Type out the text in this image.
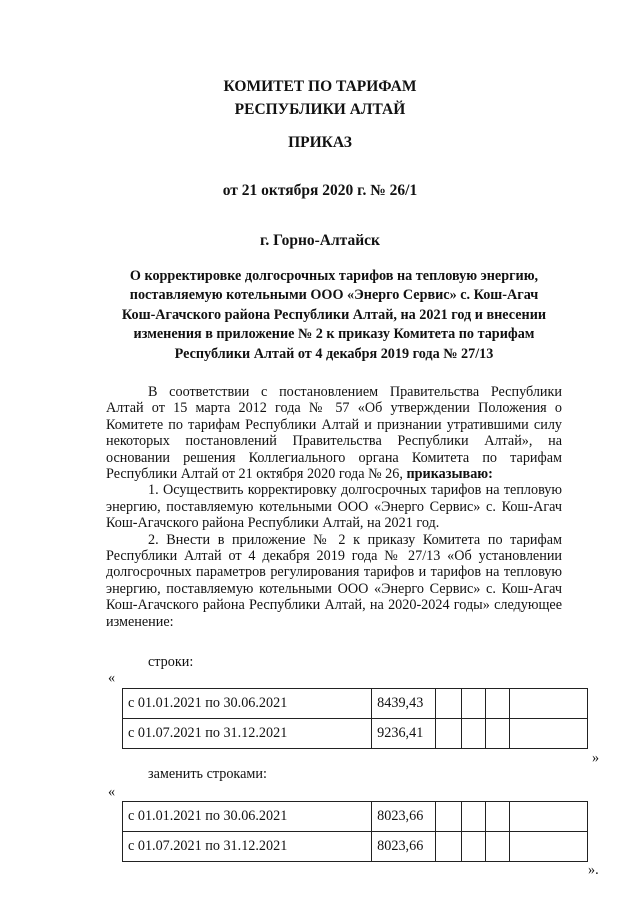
КОМИТЕТ ПО ТАРИФАМ

РЕСПУБЛИКИ АЛТАЙ

ПРИКАЗ

от 21 октября 2020 г. № 26/1

г. Горно-Алтайск

О корректировке долгосрочных тарифов на тепловую энергию,
поставляемую котельными ООО «Энерго Сервис» с. Кош-Агач
Кош-Агачского района Республики Алтай, на 2021 год и внесении
изменения в приложение № 2 к приказу Комитета по тарифам
Республики Алтай от 4 декабря 2019 года № 27/13

В соответствии с постановлением Правительства Республики Алтай от 15 марта 2012 года № 57 «Об утверждении Положения о Комитете по тарифам Республики Алтай и признании утратившими силу некоторых постановлений Правительства Республики Алтай», на основании решения Коллегиального органа Комитета по тарифам Республики Алтай от 21 октября 2020 года № 26, приказываю:

1. Осуществить корректировку долгосрочных тарифов на тепловую энергию, поставляемую котельными ООО «Энерго Сервис» с. Кош-Агач Кош-Агачского района Республики Алтай, на 2021 год.

2. Внести в приложение № 2 к приказу Комитета по тарифам Республики Алтай от 4 декабря 2019 года № 27/13 «Об установлении долгосрочных параметров регулирования тарифов и тарифов на тепловую энергию, поставляемую котельными ООО «Энерго Сервис» с. Кош-Агач Кош-Агачского района Республики Алтай, на 2020-2024 годы» следующее изменение:

строки:

«
с 01.01.2021 по 30.06.2021	8439,43				
с 01.07.2021 по 31.12.2021	9236,41				
»

заменить строками:

«
с 01.01.2021 по 30.06.2021	8023,66				
с 01.07.2021 по 31.12.2021	8023,66				
».
